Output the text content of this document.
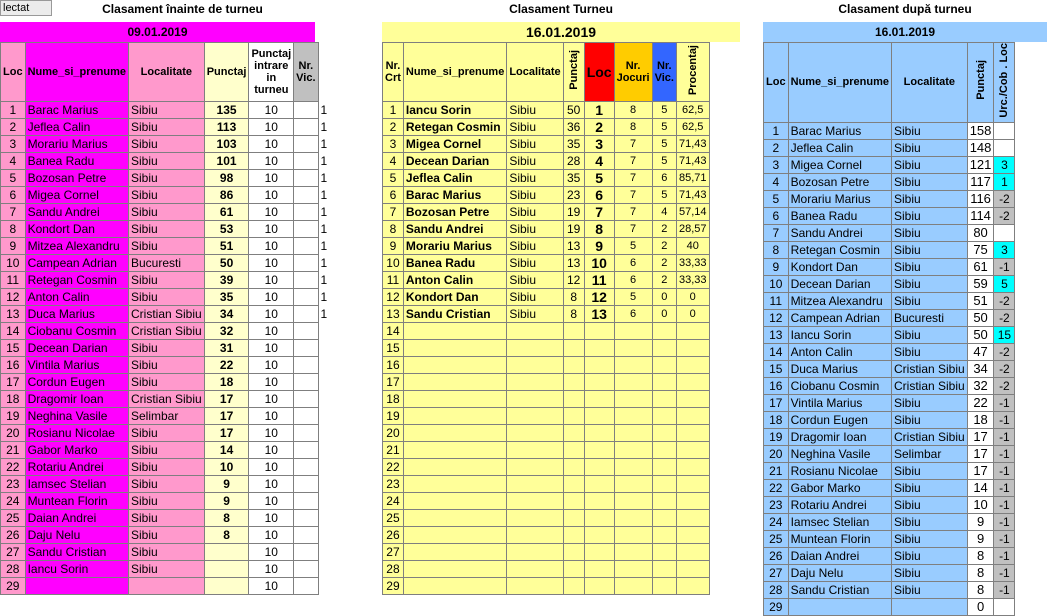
lectat	Clasament înainte de turneu
09.01.2019
Loc	Nume_si_prenume	Localitate	Punctaj	Punctaj intrare in turneu	Nr. Vic.	
1	Barac Marius	Sibiu	135	10		1
2	Jeflea Calin	Sibiu	113	10		1
3	Morariu Marius	Sibiu	103	10		1
4	Banea Radu	Sibiu	101	10		1
5	Bozosan Petre	Sibiu	98	10		1
6	Migea Cornel	Sibiu	86	10		1
7	Sandu Andrei	Sibiu	61	10		1
8	Kondort Dan	Sibiu	53	10		1
9	Mitzea Alexandru	Sibiu	51	10		1
10	Campean Adrian	Bucuresti	50	10		1
11	Retegan Cosmin	Sibiu	39	10		1
12	Anton Calin	Sibiu	35	10		1
13	Duca Marius	Cristian Sibiu	34	10		1
14	Ciobanu Cosmin	Cristian Sibiu	32	10		
15	Decean Darian	Sibiu	31	10		
16	Vintila Marius	Sibiu	22	10		
17	Cordun Eugen	Sibiu	18	10		
18	Dragomir Ioan	Cristian Sibiu	17	10		
19	Neghina Vasile	Selimbar	17	10		
20	Rosianu Nicolae	Sibiu	17	10		
21	Gabor Marko	Sibiu	14	10		
22	Rotariu Andrei	Sibiu	10	10		
23	Iamsec Stelian	Sibiu	9	10		
24	Muntean Florin	Sibiu	9	10		
25	Daian Andrei	Sibiu	8	10		
26	Daju Nelu	Sibiu	8	10		
27	Sandu Cristian	Sibiu		10		
28	Iancu Sorin	Sibiu		10		
29				10		
Clasament Turneu
16.01.2019
Nr. Crt	Nume_si_prenume	Localitate	Punctaj	Loc	Nr. Jocuri	Nr. Vic.	Procentaj
1	Iancu Sorin	Sibiu	50	1	8	5	62,5
2	Retegan Cosmin	Sibiu	36	2	8	5	62,5
3	Migea Cornel	Sibiu	35	3	7	5	71,43
4	Decean Darian	Sibiu	28	4	7	5	71,43
5	Jeflea Calin	Sibiu	35	5	7	6	85,71
6	Barac Marius	Sibiu	23	6	7	5	71,43
7	Bozosan Petre	Sibiu	19	7	7	4	57,14
8	Sandu Andrei	Sibiu	19	8	7	2	28,57
9	Morariu Marius	Sibiu	13	9	5	2	40
10	Banea Radu	Sibiu	13	10	6	2	33,33
11	Anton Calin	Sibiu	12	11	6	2	33,33
12	Kondort Dan	Sibiu	8	12	5	0	0
13	Sandu Cristian	Sibiu	8	13	6	0	0
14							
15							
16							
17							
18							
19							
20							
21							
22							
23							
24							
25							
26							
27							
28							
29							
Clasament după turneu
16.01.2019
Loc	Nume_si_prenume	Localitate	Punctaj	Urc./Cob . Loc
1	Barac Marius	Sibiu	158	
2	Jeflea Calin	Sibiu	148	
3	Migea Cornel	Sibiu	121	3
4	Bozosan Petre	Sibiu	117	1
5	Morariu Marius	Sibiu	116	-2
6	Banea Radu	Sibiu	114	-2
7	Sandu Andrei	Sibiu	80	
8	Retegan Cosmin	Sibiu	75	3
9	Kondort Dan	Sibiu	61	-1
10	Decean Darian	Sibiu	59	5
11	Mitzea Alexandru	Sibiu	51	-2
12	Campean Adrian	Bucuresti	50	-2
13	Iancu Sorin	Sibiu	50	15
14	Anton Calin	Sibiu	47	-2
15	Duca Marius	Cristian Sibiu	34	-2
16	Ciobanu Cosmin	Cristian Sibiu	32	-2
17	Vintila Marius	Sibiu	22	-1
18	Cordun Eugen	Sibiu	18	-1
19	Dragomir Ioan	Cristian Sibiu	17	-1
20	Neghina Vasile	Selimbar	17	-1
21	Rosianu Nicolae	Sibiu	17	-1
22	Gabor Marko	Sibiu	14	-1
23	Rotariu Andrei	Sibiu	10	-1
24	Iamsec Stelian	Sibiu	9	-1
25	Muntean Florin	Sibiu	9	-1
26	Daian Andrei	Sibiu	8	-1
27	Daju Nelu	Sibiu	8	-1
28	Sandu Cristian	Sibiu	8	-1
29			0	
